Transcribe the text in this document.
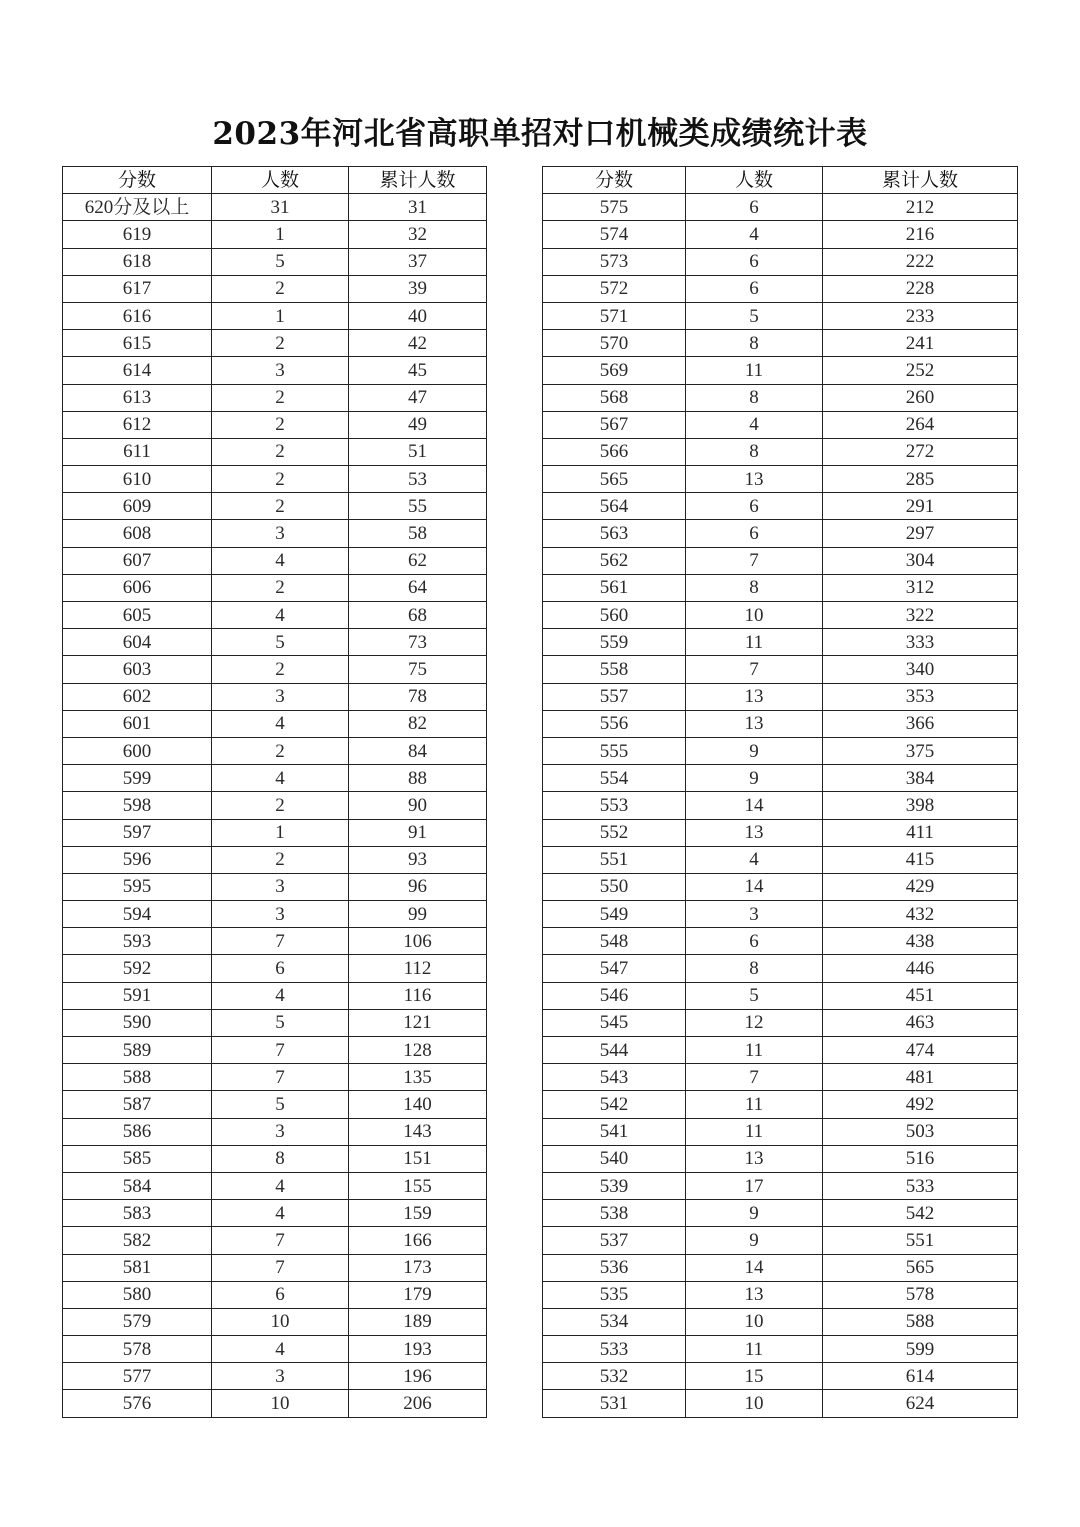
2023年河北省高职单招对口机械类成绩统计表
分数	人数	累计人数
620分及以上	31	31
619	1	32
618	5	37
617	2	39
616	1	40
615	2	42
614	3	45
613	2	47
612	2	49
611	2	51
610	2	53
609	2	55
608	3	58
607	4	62
606	2	64
605	4	68
604	5	73
603	2	75
602	3	78
601	4	82
600	2	84
599	4	88
598	2	90
597	1	91
596	2	93
595	3	96
594	3	99
593	7	106
592	6	112
591	4	116
590	5	121
589	7	128
588	7	135
587	5	140
586	3	143
585	8	151
584	4	155
583	4	159
582	7	166
581	7	173
580	6	179
579	10	189
578	4	193
577	3	196
576	10	206
分数	人数	累计人数
575	6	212
574	4	216
573	6	222
572	6	228
571	5	233
570	8	241
569	11	252
568	8	260
567	4	264
566	8	272
565	13	285
564	6	291
563	6	297
562	7	304
561	8	312
560	10	322
559	11	333
558	7	340
557	13	353
556	13	366
555	9	375
554	9	384
553	14	398
552	13	411
551	4	415
550	14	429
549	3	432
548	6	438
547	8	446
546	5	451
545	12	463
544	11	474
543	7	481
542	11	492
541	11	503
540	13	516
539	17	533
538	9	542
537	9	551
536	14	565
535	13	578
534	10	588
533	11	599
532	15	614
531	10	624
